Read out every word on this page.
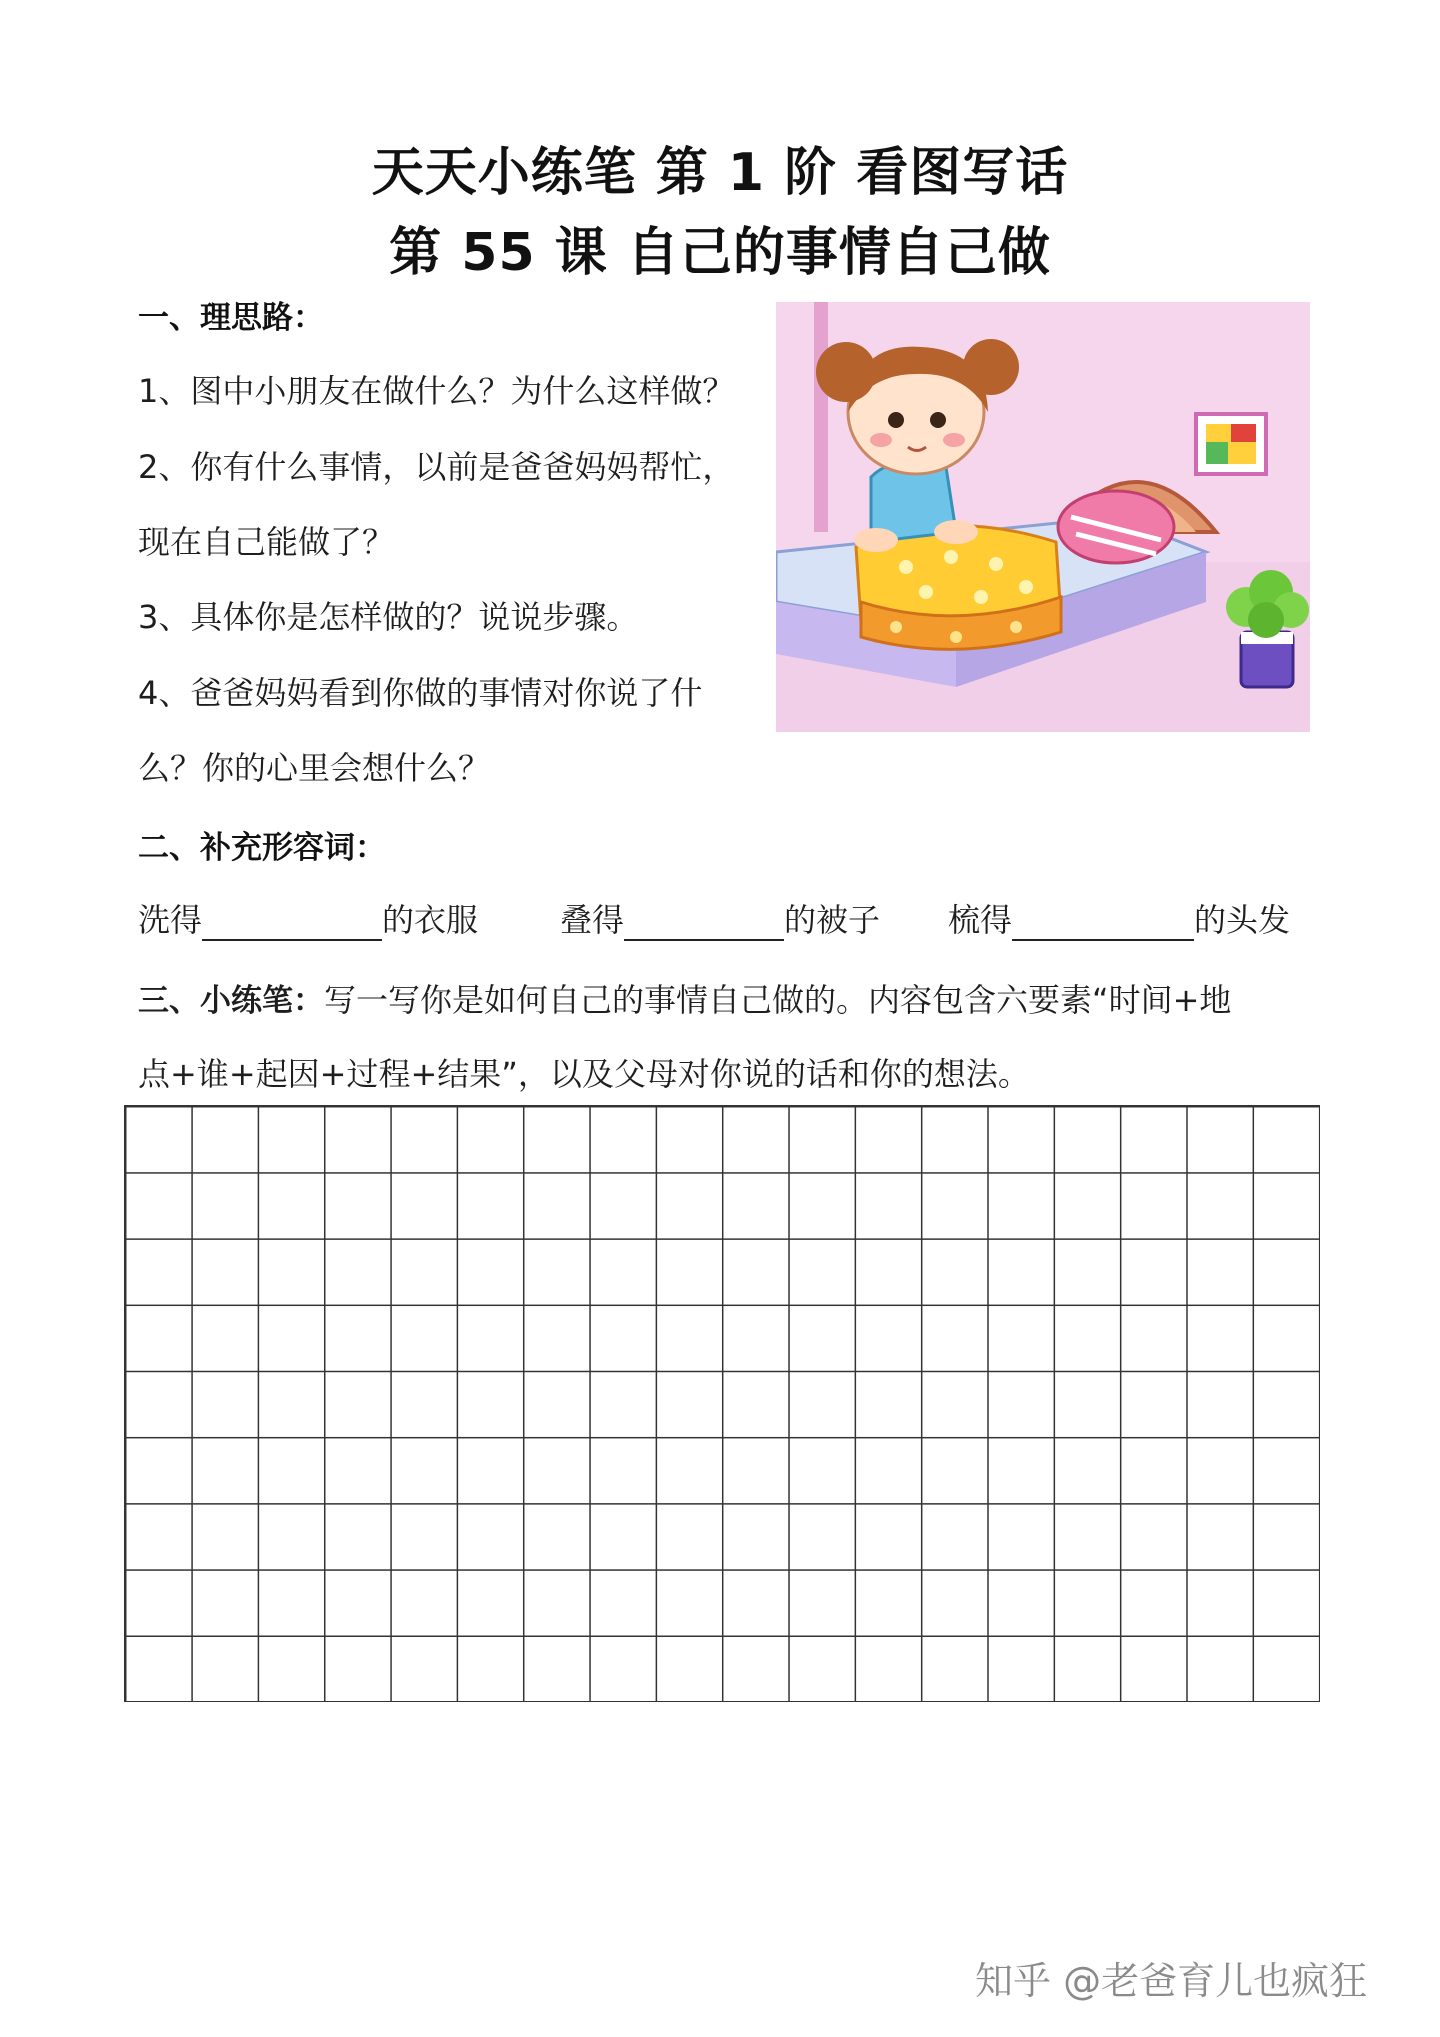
天天小练笔 第 1 阶 看图写话
第 55 课 自己的事情自己做
一、理思路：
1、图中小朋友在做什么？为什么这样做？
2、你有什么事情，以前是爸爸妈妈帮忙，
现在自己能做了？
3、具体你是怎样做的？说说步骤。
4、爸爸妈妈看到你做的事情对你说了什
么？你的心里会想什么？
二、补充形容词：
洗得	的衣服	叠得	的被子 梳得	的头发
三、小练笔：写一写你是如何自己的事情自己做的。内容包含六要素“时间+地
点+谁+起因+过程+结果”，以及父母对你说的话和你的想法。
知乎 @老爸育儿也疯狂
